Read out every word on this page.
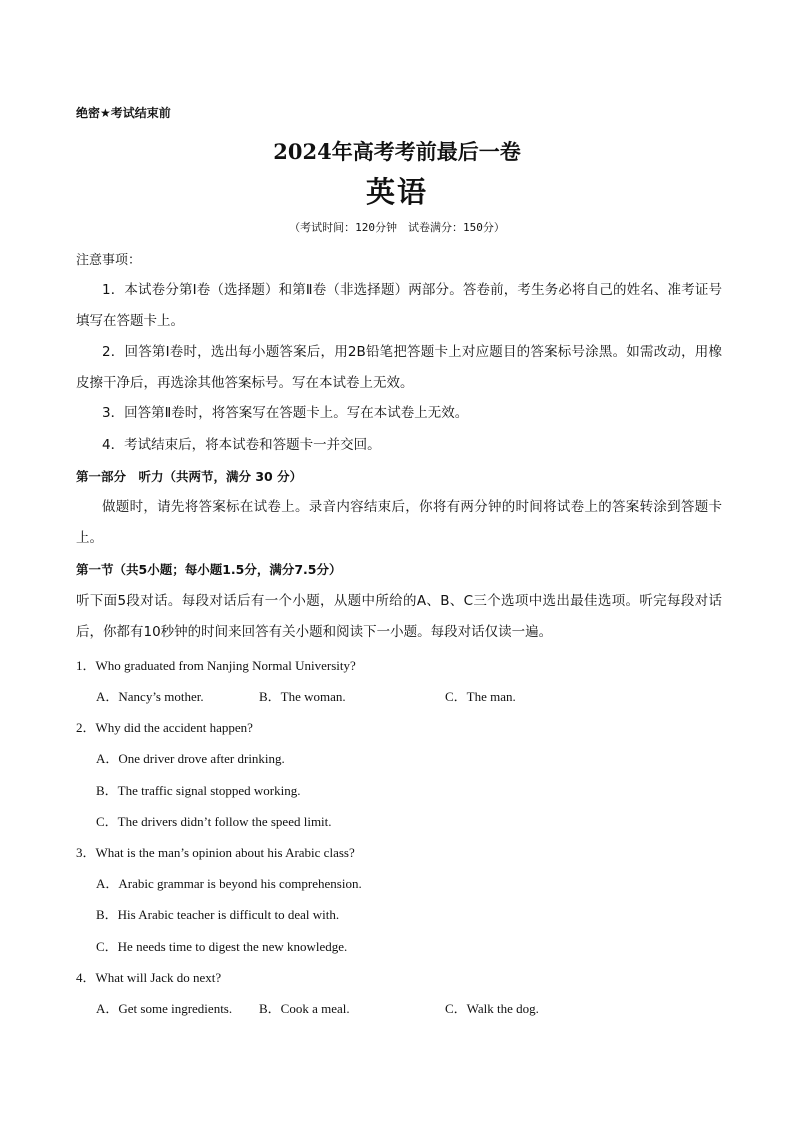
绝密★考试结束前
2024年高考考前最后一卷
英语
（考试时间：120分钟　试卷满分：150分）
注意事项：
1．本试卷分第Ⅰ卷（选择题）和第Ⅱ卷（非选择题）两部分。答卷前，考生务必将自己的姓名、准考证号填写在答题卡上。
2．回答第Ⅰ卷时，选出每小题答案后，用2B铅笔把答题卡上对应题目的答案标号涂黑。如需改动，用橡皮擦干净后，再选涂其他答案标号。写在本试卷上无效。
3．回答第Ⅱ卷时，将答案写在答题卡上。写在本试卷上无效。
4．考试结束后，将本试卷和答题卡一并交回。
第一部分　听力（共两节，满分 30 分）
做题时，请先将答案标在试卷上。录音内容结束后，你将有两分钟的时间将试卷上的答案转涂到答题卡上。
第一节（共5小题；每小题1.5分，满分7.5分）
听下面5段对话。每段对话后有一个小题，从题中所给的A、B、C三个选项中选出最佳选项。听完每段对话后，你都有10秒钟的时间来回答有关小题和阅读下一小题。每段对话仅读一遍。
1．Who graduated from Nanjing Normal University?
A．Nancy’s mother.	B．The woman.	C．The man.
2．Why did the accident happen?
A．One driver drove after drinking.
B．The traffic signal stopped working.
C．The drivers didn’t follow the speed limit.
3．What is the man’s opinion about his Arabic class?
A．Arabic grammar is beyond his comprehension.
B．His Arabic teacher is difficult to deal with.
C．He needs time to digest the new knowledge.
4．What will Jack do next?
A．Get some ingredients. B．Cook a meal.	C．Walk the dog.
